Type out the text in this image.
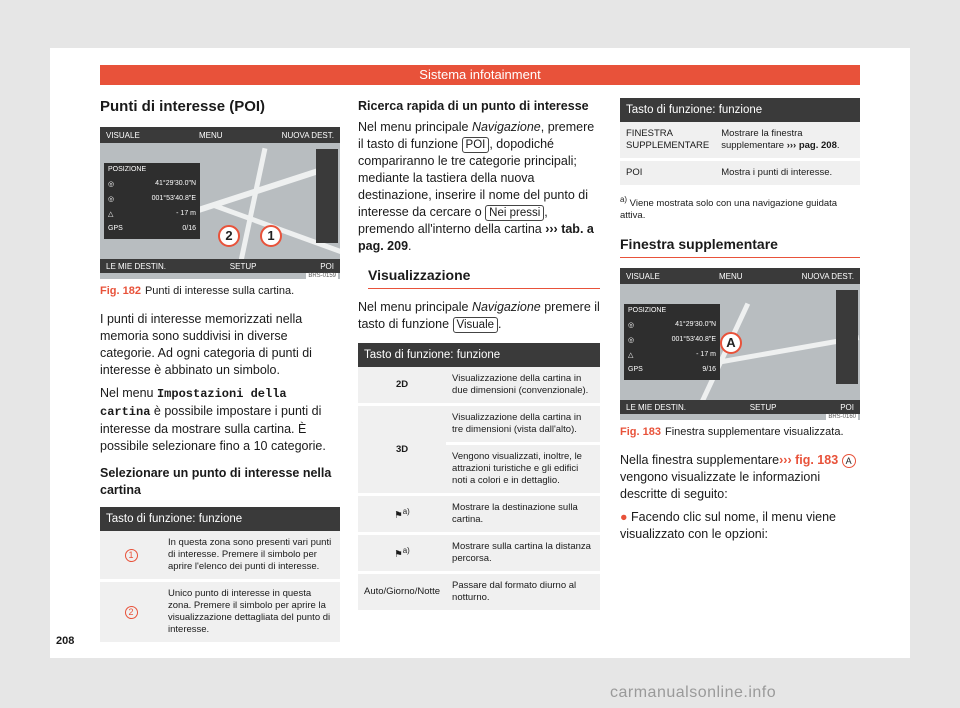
Sistema infotainment
Punti di interesse (POI)
VISUALE	MENU	NUOVA DEST.
POSIZIONE
◎	41°29'30.0"N
◎	001°53'40.8"E
△	- 17 m
GPS	0/16	2	1
LE MIE DESTIN.	SETUP	POI
BRS-0159
Fig. 182 Punti di interesse sulla cartina.

I punti di interesse memorizzati nella memoria sono suddivisi in diverse categorie. Ad ogni categoria di punti di interesse è abbinato un simbolo.

Nel menu Impostazioni della cartina è possibile impostare i punti di interesse da mostrare sulla cartina. È possibile selezionare fino a 10 categorie.

Selezionare un punto di interesse nella cartina
Tasto di funzione: funzione	
1	In questa zona sono presenti vari punti di interesse. Premere il simbolo per aprire l'elenco dei punti di interesse.
2	Unico punto di interesse in questa zona. Premere il simbolo per aprire la visualizzazione dettagliata del punto di interesse.
Ricerca rapida di un punto di interesse

Nel menu principale Navigazione, premere il tasto di funzione POI , dopodiché compariranno le tre categorie principali; mediante la tastiera della nuova destinazione, inserire il nome del punto di interesse da cercare o Nei pressi , premendo all'interno della cartina ››› tab. a pag. 209.

Visualizzazione

Nel menu principale Navigazione premere il tasto di funzione Visuale .

Tasto di funzione: funzione	
2D	Visualizzazione della cartina in due dimensioni (convenzionale).
3D	Visualizzazione della cartina in tre dimensioni (vista dall'alto).
	Vengono visualizzati, inoltre, le attrazioni turistiche e gli edifici noti a colori e in dettaglio.
⚑$^{a)}$	Mostrare la destinazione sulla cartina.
⚑$^{a)}$	Mostrare sulla cartina la distanza percorsa.
Auto/Giorno/Notte	Passare dal formato diurno al notturno.
Tasto di funzione: funzione	
FINESTRA SUPPLEMENTARE	Mostrare la finestra supplementare ››› pag. 208.
POI	Mostra i punti di interesse.
$^{a)}$ Viene mostrata solo con una navigazione guidata attiva.
Finestra supplementare
VISUALE	MENU	NUOVA DEST.
POSIZIONE
◎	41°29'30.0"N
◎	001°53'40.8"E
△	- 17 m
GPS	9/16
A
LE MIE DESTIN.	SETUP	POI
BRS-0160
Fig. 183 Finestra supplementare visualizzata.

Nella finestra supplementare››› fig. 183 A vengono visualizzate le informazioni descritte di seguito:

● Facendo clic sul nome, il menu viene visualizzato con le opzioni:

208
carmanualsonline.info
